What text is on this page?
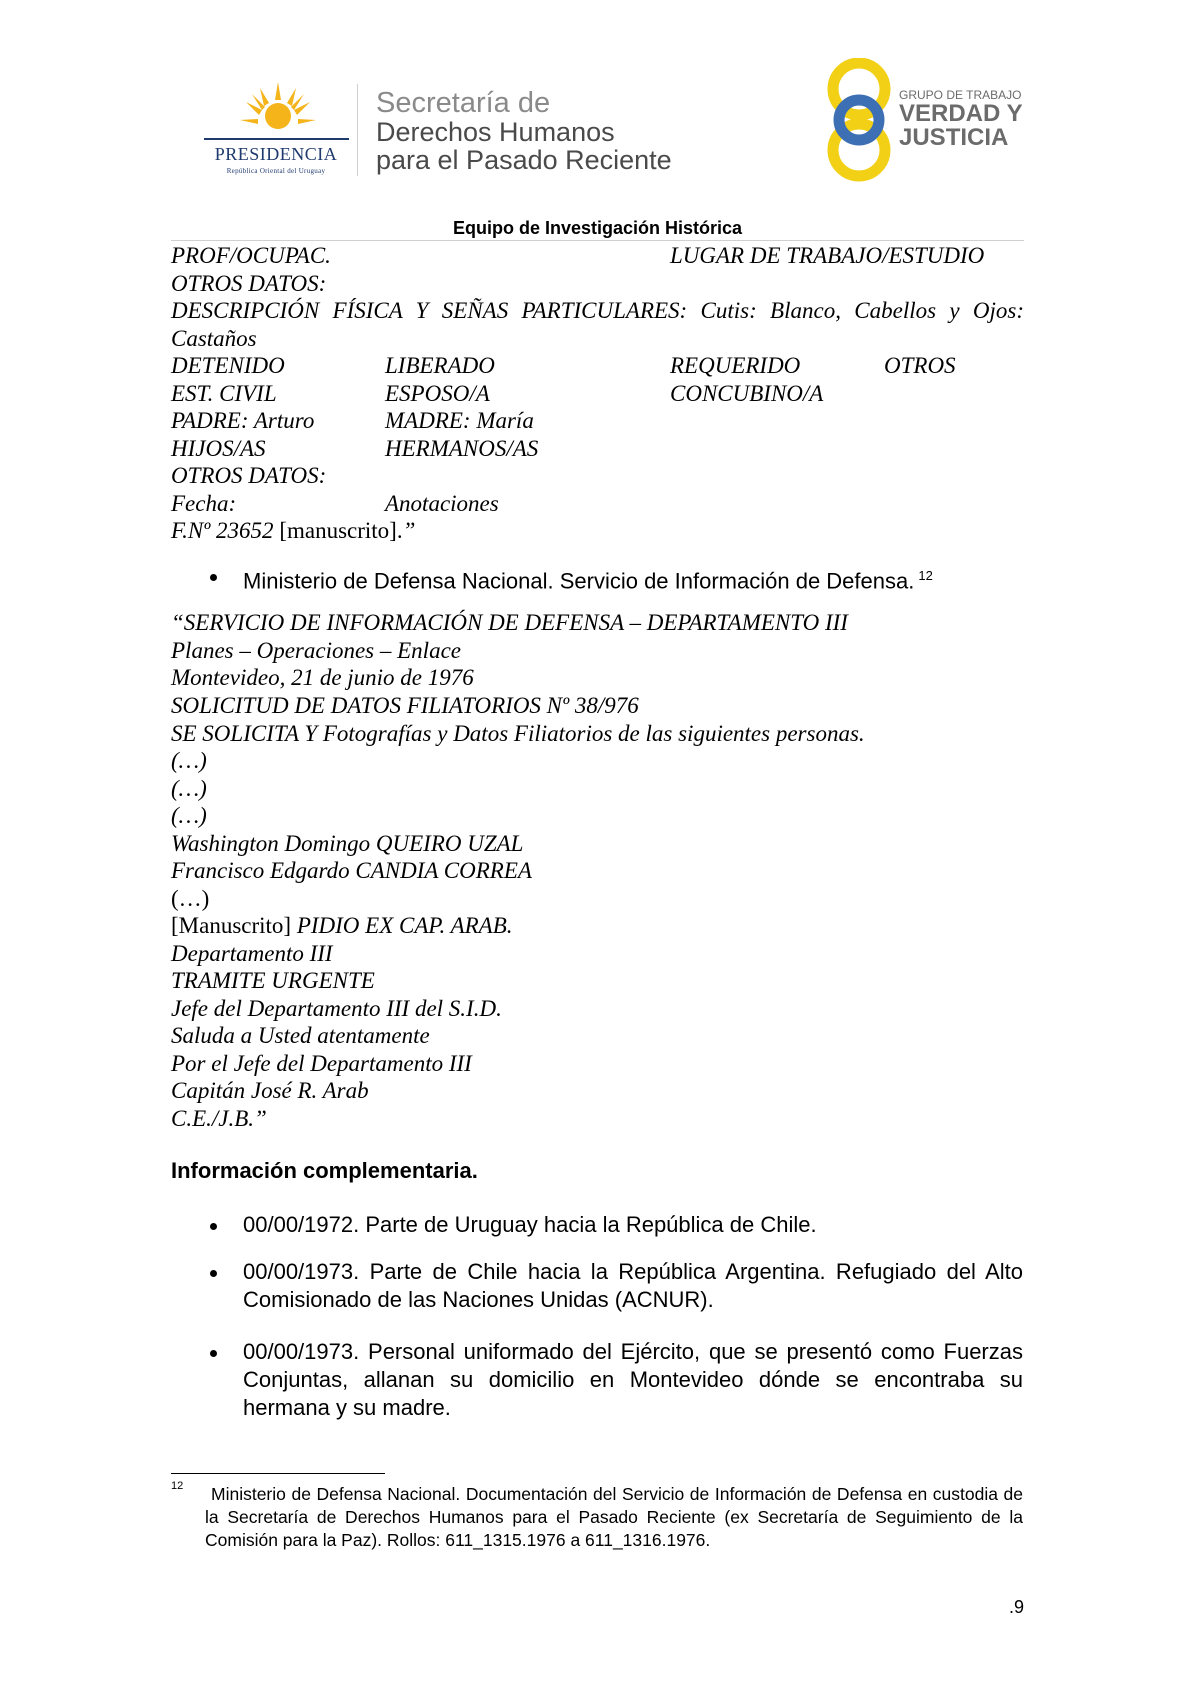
PRESIDENCIA
República Oriental del Uruguay
Secretaría de
Derechos Humanos
para el Pasado Reciente
GRUPO DE TRABAJO
VERDAD Y
JUSTICIA
Equipo de Investigación Histórica
PROF/OCUPAC.	LUGAR DE TRABAJO/ESTUDIO
OTROS DATOS:
DESCRIPCIÓN FÍSICA Y SEÑAS PARTICULARES: Cutis: Blanco, Cabellos y Ojos:
Castaños
DETENIDO	LIBERADO	REQUERIDO	OTROS
EST. CIVIL	ESPOSO/A	CONCUBINO/A
PADRE: Arturo	MADRE: María
HIJOS/AS	HERMANOS/AS
OTROS DATOS:
Fecha:	Anotaciones
F.Nº 23652 [manuscrito].”
Ministerio de Defensa Nacional. Servicio de Información de Defensa. $^{12}$
“SERVICIO DE INFORMACIÓN DE DEFENSA – DEPARTAMENTO III
Planes – Operaciones – Enlace
Montevideo, 21 de junio de 1976
SOLICITUD DE DATOS FILIATORIOS Nº 38/976
SE SOLICITA Y Fotografías y Datos Filiatorios de las siguientes personas.
(…)
(…)
(…)
Washington Domingo QUEIRO UZAL
Francisco Edgardo CANDIA CORREA
(…)
[Manuscrito] PIDIO EX CAP. ARAB.
Departamento III
TRAMITE URGENTE
Jefe del Departamento III del S.I.D.
Saluda a Usted atentamente
Por el Jefe del Departamento III
Capitán José R. Arab
C.E./J.B.”
Información complementaria.
00/00/1972. Parte de Uruguay hacia la República de Chile.
00/00/1973. Parte de Chile hacia la República Argentina. Refugiado del Alto Comisionado de las Naciones Unidas (ACNUR).
00/00/1973. Personal uniformado del Ejército, que se presentó como Fuerzas Conjuntas, allanan su domicilio en Montevideo dónde se encontraba su hermana y su madre.
12	Ministerio de Defensa Nacional. Documentación del Servicio de Información de Defensa en custodia de la Secretaría de Derechos Humanos para el Pasado Reciente (ex Secretaría de Seguimiento de la Comisión para la Paz). Rollos: 611_1315.1976 a 611_1316.1976.
.9
